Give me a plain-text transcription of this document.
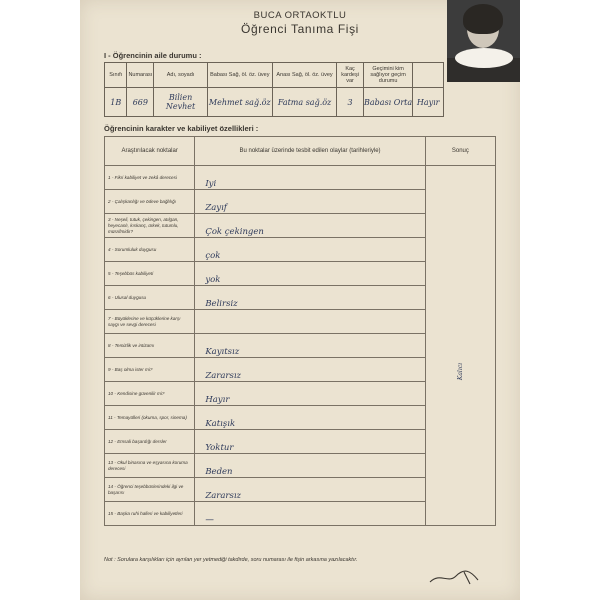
BUCA ORTAOKTLU
Öğrenci Tanıma Fişi
I - Öğrencinin aile durumu :
Sınıfı	Numarası	Adı, soyadı	Babası Sağ, öl. öz. üvey	Anası Sağ, öl. öz. üvey	Kaç kardeşi var	Geçimini kim sağlıyor geçim durumu	
1B	669	Bilien Nevhet	Mehmet sağ.öz	Fatma sağ.öz	3	Babası Orta	Hayır
Öğrencinin karakter ve kabiliyet özellikleri :
Araştırılacak noktalar	Bu noktalar üzerinde tesbit edilen olaylar (tarihleriyle)	Sonuç
1 - Fikri kabiliyet ve zekâ derecesi	Iyi	Kalıcı

2 - Çalışkanlığı ve ödeve bağlılığı	Zayıf	
3 - Neşeli, tutuk, çekingen, atılgan, heyecanlı, kıskanç, ürkek, tutumlu, müsrifmidir?	Çok çekingen	
4 - Sorumluluk duygusu	çok	
5 - Teşebbüs kabiliyeti	yok	
6 - Ulusal duygusu	Belirsiz	
7 - Büyüklerine ve küçüklerine karşı saygı ve sevgi derecesi		
8 - Temizlik ve intizamı	Kayıtsız	
9 - Baş olma ister mi?	Zararsız	
10 - Kendisine güvenilir mi?	Hayır	
11 - Temayülleri (okuma, spor, sinema)	Katışık	
12 - Emsali başardığı dersler	Yoktur	
13 - Okul binasına ve eşyasına koruma derecesi	Beden	
14 - Öğrenci teşebbüslerindeki ilgi ve başarısı	Zararsız	
15 - Başka ruhi halleri ve kabiliyetleri	—	
Not : Sorulara karşılıkları için ayrılan yer yetmediği takdirde, soru numarası ile fişin arkasına yazılacaktır.
